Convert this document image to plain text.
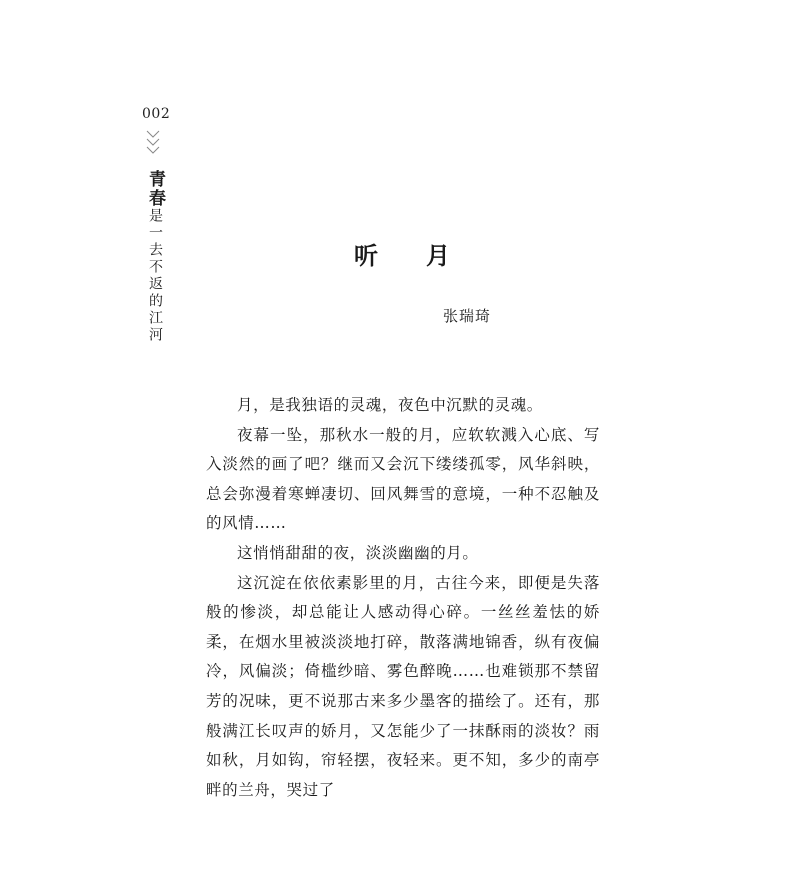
002
青春
是一去不返的江河	听月
张瑞琦

月，是我独语的灵魂，夜色中沉默的灵魂。

夜幕一坠，那秋水一般的月，应软软溅入心底、写入淡然的画了吧？继而又会沉下缕缕孤零，风华斜映，总会弥漫着寒蝉凄切、回风舞雪的意境，一种不忍触及的风情……

这悄悄甜甜的夜，淡淡幽幽的月。

这沉淀在依依素影里的月，古往今来，即便是失落般的惨淡，却总能让人感动得心碎。一丝丝羞怯的娇柔，在烟水里被淡淡地打碎，散落满地锦香，纵有夜偏冷，风偏淡；倚槛纱暗、雾色醉晚……也难锁那不禁留芳的况味，更不说那古来多少墨客的描绘了。还有，那般满江长叹声的娇月，又怎能少了一抹酥雨的淡妆？雨如秋，月如钩，帘轻摆，夜轻来。更不知，多少的南亭畔的兰舟，哭过了
